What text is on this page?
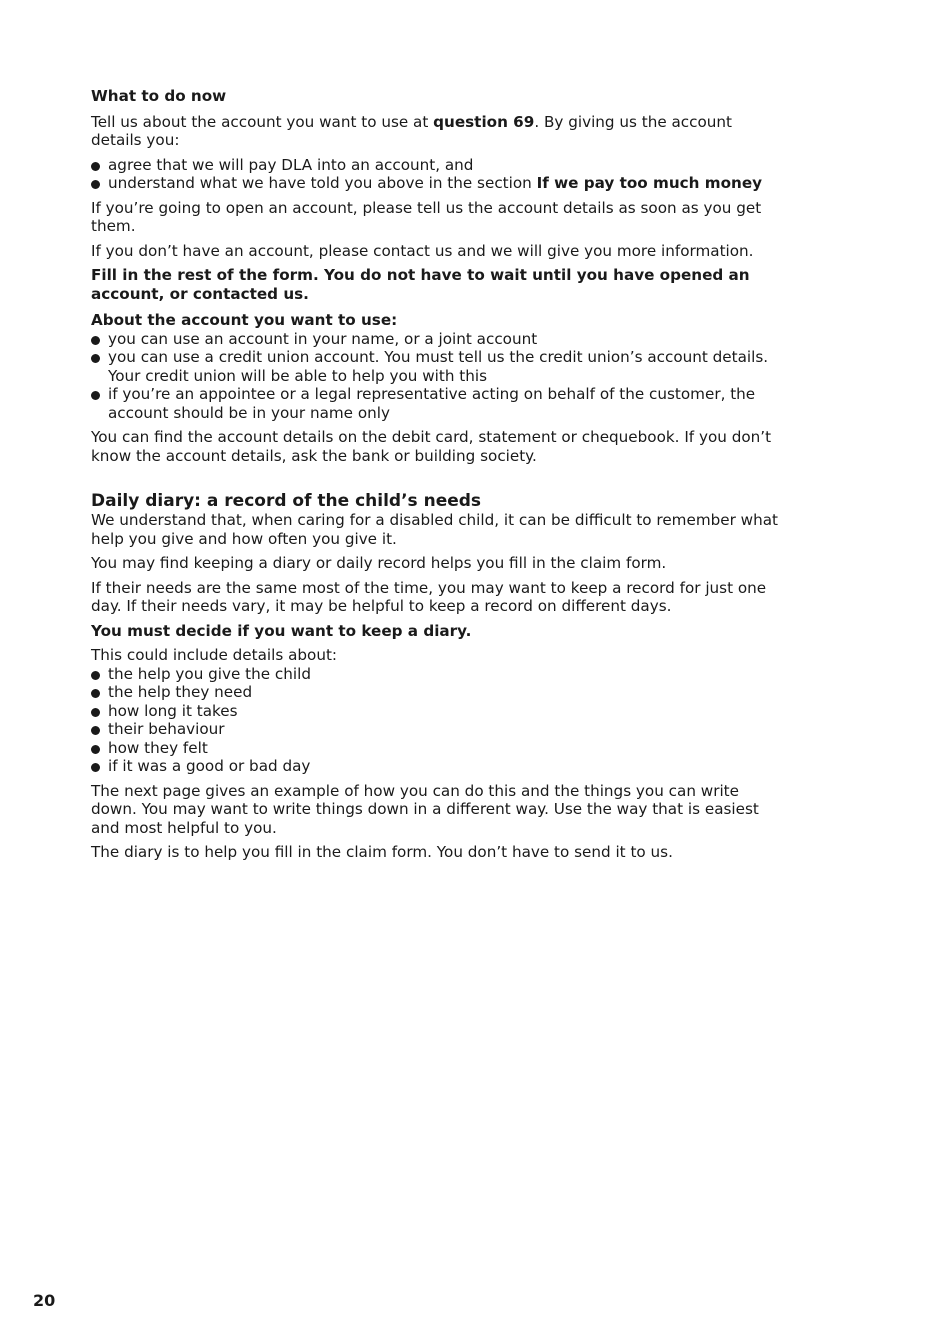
What to do now

Tell us about the account you want to use at question 69. By giving us the account details you:

agree that we will pay DLA into an account, and
understand what we have told you above in the section If we pay too much money

If you’re going to open an account, please tell us the account details as soon as you get them.

If you don’t have an account, please contact us and we will give you more information.

Fill in the rest of the form. You do not have to wait until you have opened an account, or contacted us.

About the account you want to use:
you can use an account in your name, or a joint account
you can use a credit union account. You must tell us the credit union’s account details. Your credit union will be able to help you with this
if you’re an appointee or a legal representative acting on behalf of the customer, the account should be in your name only

You can find the account details on the debit card, statement or chequebook. If you don’t know the account details, ask the bank or building society.

Daily diary: a record of the child’s needs

We understand that, when caring for a disabled child, it can be difficult to remember what help you give and how often you give it.

You may find keeping a diary or daily record helps you fill in the claim form.

If their needs are the same most of the time, you may want to keep a record for just one day. If their needs vary, it may be helpful to keep a record on different days.

You must decide if you want to keep a diary.

This could include details about:
the help you give the child
the help they need
how long it takes
their behaviour
how they felt
if it was a good or bad day

The next page gives an example of how you can do this and the things you can write down. You may want to write things down in a different way. Use the way that is easiest and most helpful to you.

The diary is to help you fill in the claim form. You don’t have to send it to us.

20
